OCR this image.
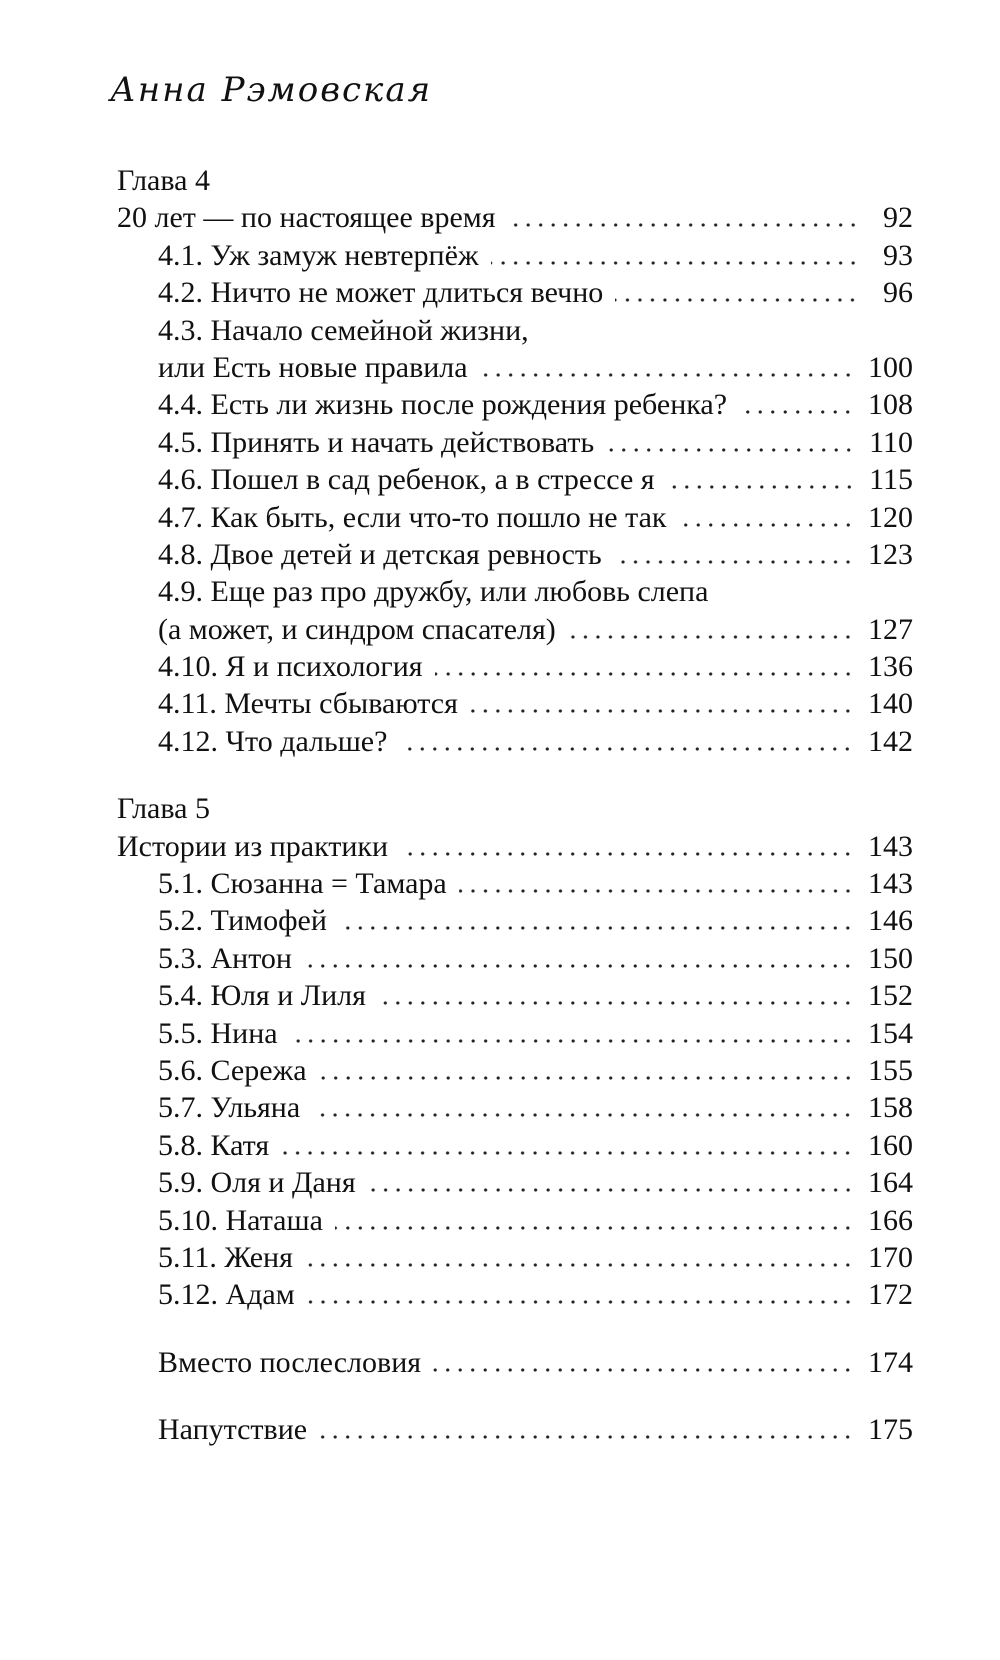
Анна Рэмовская
Глава 4
20 лет — по настоящее время	92
4.1. Уж замуж невтерпёж	93
4.2. Ничто не может длиться вечно	96
4.3. Начало семейной жизни,
или Есть новые правила	100
4.4. Есть ли жизнь после рождения ребенка?	108
4.5. Принять и начать действовать	110
4.6. Пошел в сад ребенок, а в стрессе я	115
4.7. Как быть, если что-то пошло не так	120
4.8. Двое детей и детская ревность	123
4.9. Еще раз про дружбу, или любовь слепа
(а может, и синдром спасателя)	127
4.10. Я и психология	136
4.11. Мечты сбываются	140
4.12. Что дальше?	142
Глава 5
Истории из практики	143
5.1. Сюзанна = Тамара	143
5.2. Тимофей	146
5.3. Антон	150
5.4. Юля и Лиля	152
5.5. Нина	154
5.6. Сережа	155
5.7. Ульяна	158
5.8. Катя	160
5.9. Оля и Даня	164
5.10. Наташа	166
5.11. Женя	170
5.12. Адам	172
Вместо послесловия	174
Напутствие	175
